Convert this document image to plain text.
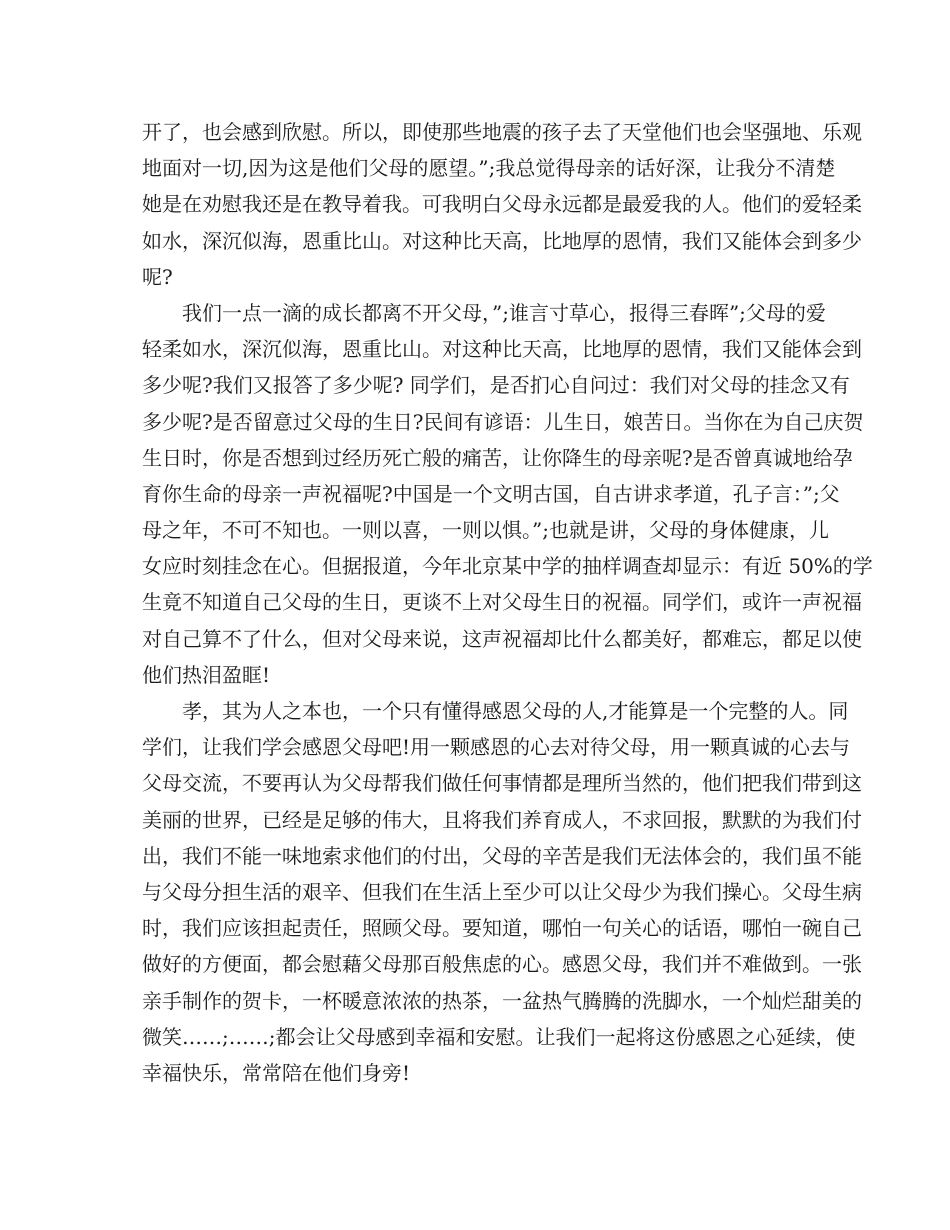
开了，也会感到欣慰。所以，即使那些地震的孩子去了天堂他们也会坚强地、乐观
地面对一切,因为这是他们父母的愿望。”;我总觉得母亲的话好深，让我分不清楚
她是在劝慰我还是在教导着我。可我明白父母永远都是最爱我的人。他们的爱轻柔
如水，深沉似海，恩重比山。对这种比天高，比地厚的恩情，我们又能体会到多少
呢?
我们一点一滴的成长都离不开父母，”;谁言寸草心，报得三春晖”;父母的爱
轻柔如水，深沉似海，恩重比山。对这种比天高，比地厚的恩情，我们又能体会到
多少呢?我们又报答了多少呢? 同学们，是否扪心自问过：我们对父母的挂念又有
多少呢?是否留意过父母的生日?民间有谚语：儿生日，娘苦日。当你在为自己庆贺
生日时，你是否想到过经历死亡般的痛苦，让你降生的母亲呢?是否曾真诚地给孕
育你生命的母亲一声祝福呢?中国是一个文明古国，自古讲求孝道，孔子言：”;父
母之年，不可不知也。一则以喜，一则以惧。”;也就是讲，父母的身体健康，儿
女应时刻挂念在心。但据报道，今年北京某中学的抽样调查却显示：有近 50%的学
生竟不知道自己父母的生日，更谈不上对父母生日的祝福。同学们，或许一声祝福
对自己算不了什么，但对父母来说，这声祝福却比什么都美好，都难忘，都足以使
他们热泪盈眶!
孝，其为人之本也，一个只有懂得感恩父母的人,才能算是一个完整的人。同
学们，让我们学会感恩父母吧!用一颗感恩的心去对待父母，用一颗真诚的心去与
父母交流，不要再认为父母帮我们做任何事情都是理所当然的，他们把我们带到这
美丽的世界，已经是足够的伟大，且将我们养育成人，不求回报，默默的为我们付
出，我们不能一味地索求他们的付出，父母的辛苦是我们无法体会的，我们虽不能
与父母分担生活的艰辛、但我们在生活上至少可以让父母少为我们操心。父母生病
时，我们应该担起责任，照顾父母。要知道，哪怕一句关心的话语，哪怕一碗自己
做好的方便面，都会慰藉父母那百般焦虑的心。感恩父母，我们并不难做到。一张
亲手制作的贺卡，一杯暖意浓浓的热茶，一盆热气腾腾的洗脚水，一个灿烂甜美的
微笑……;……;都会让父母感到幸福和安慰。让我们一起将这份感恩之心延续，使
幸福快乐，常常陪在他们身旁!
